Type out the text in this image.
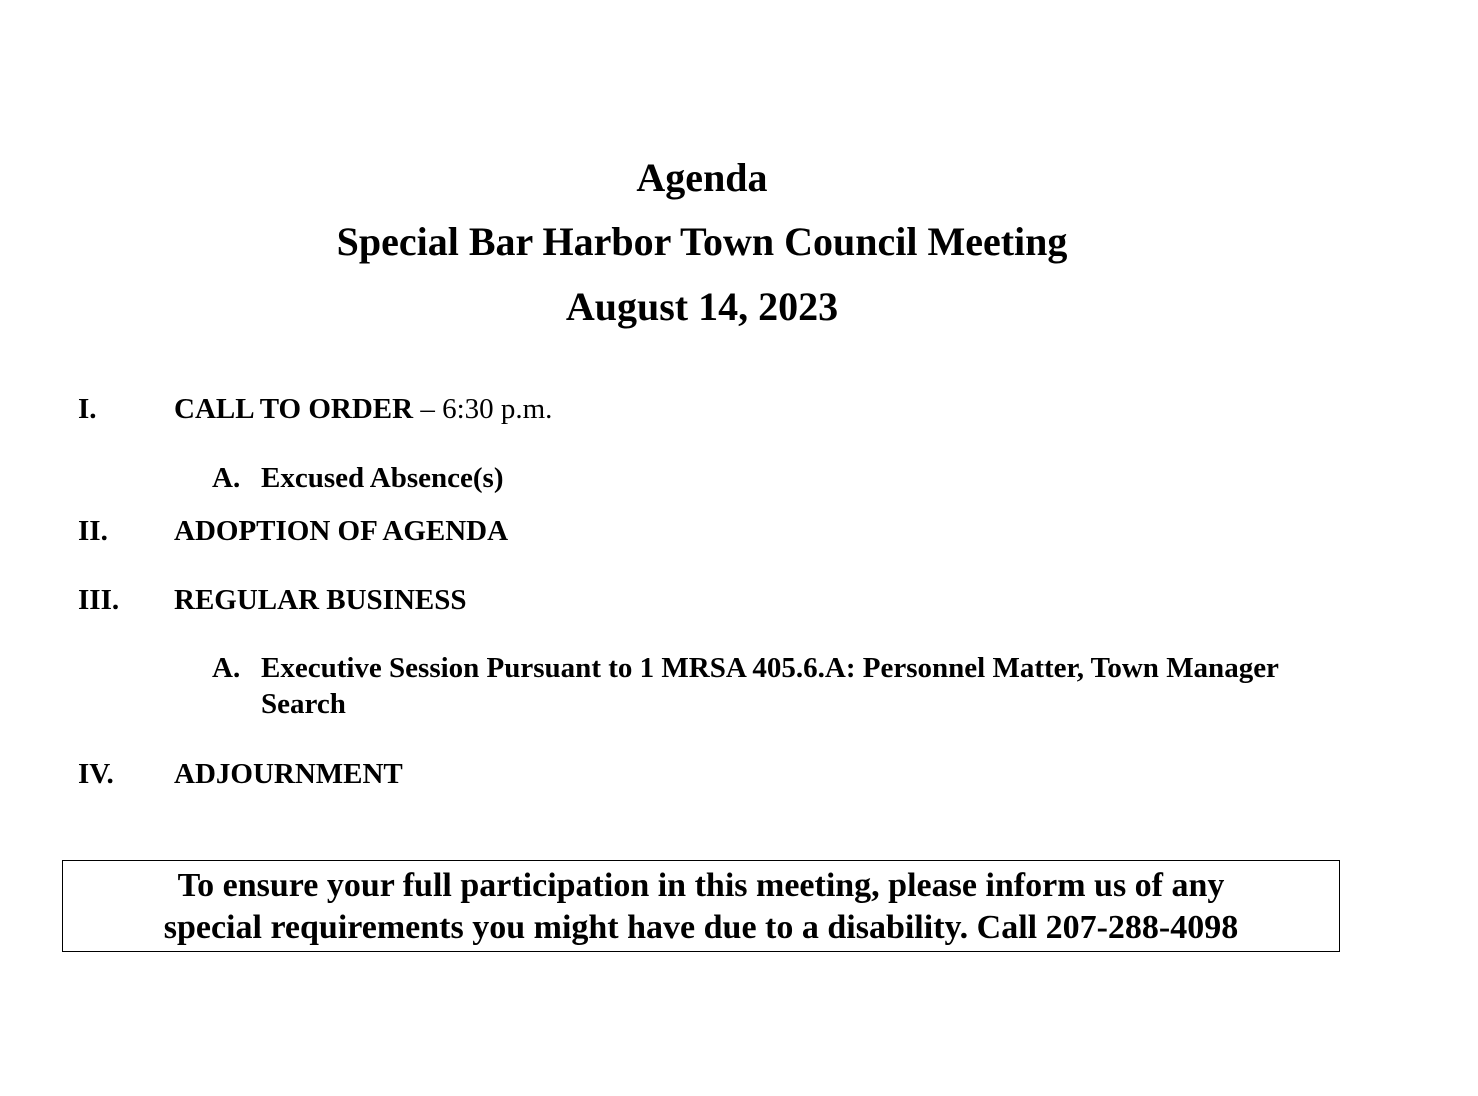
Agenda
Special Bar Harbor Town Council Meeting
August 14, 2023
I.	CALL TO ORDER – 6:30 p.m.
A. Excused Absence(s)
II. ADOPTION OF AGENDA
III. REGULAR BUSINESS
A. Executive Session Pursuant to 1 MRSA 405.6.A: Personnel Matter, Town Manager Search
IV. ADJOURNMENT
To ensure your full participation in this meeting, please inform us of any
special requirements you might have due to a disability. Call 207-288-4098
